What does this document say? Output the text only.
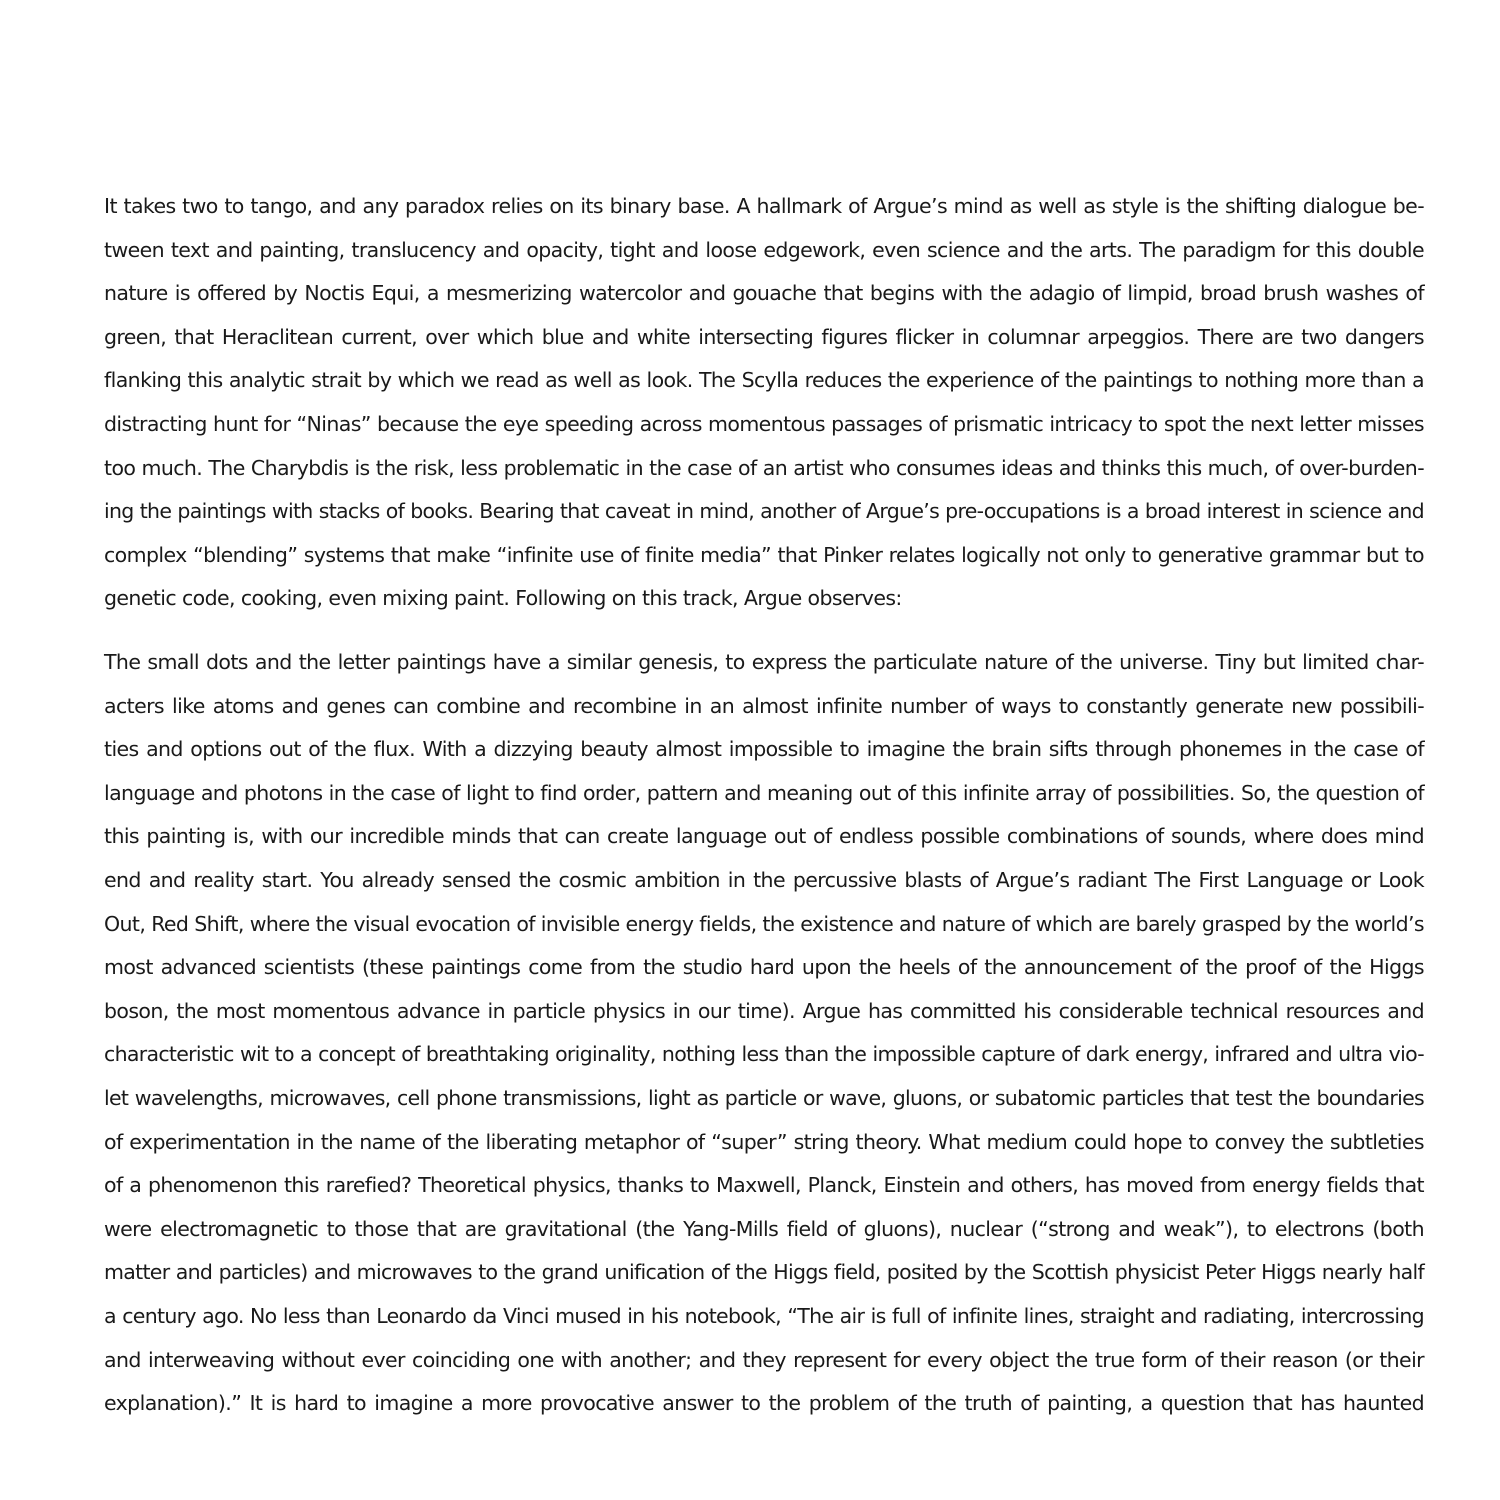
It takes two to tango, and any paradox relies on its binary base. A hallmark of Argue’s mind as well as style is the shifting dialogue be-
tween text and painting, translucency and opacity, tight and loose edgework, even science and the arts. The paradigm for this double
nature is offered by Noctis Equi, a mesmerizing watercolor and gouache that begins with the adagio of limpid, broad brush washes of
green, that Heraclitean current, over which blue and white intersecting figures flicker in columnar arpeggios. There are two dangers
flanking this analytic strait by which we read as well as look. The Scylla reduces the experience of the paintings to nothing more than a
distracting hunt for “Ninas” because the eye speeding across momentous passages of prismatic intricacy to spot the next letter misses
too much. The Charybdis is the risk, less problematic in the case of an artist who consumes ideas and thinks this much, of over-burden-
ing the paintings with stacks of books. Bearing that caveat in mind, another of Argue’s pre-occupations is a broad interest in science and
complex “blending” systems that make “infinite use of finite media” that Pinker relates logically not only to generative grammar but to
genetic code, cooking, even mixing paint. Following on this track, Argue observes:
The small dots and the letter paintings have a similar genesis, to express the particulate nature of the universe. Tiny but limited char-
acters like atoms and genes can combine and recombine in an almost infinite number of ways to constantly generate new possibili-
ties and options out of the flux. With a dizzying beauty almost impossible to imagine the brain sifts through phonemes in the case of
language and photons in the case of light to find order, pattern and meaning out of this infinite array of possibilities. So, the question of
this painting is, with our incredible minds that can create language out of endless possible combinations of sounds, where does mind
end and reality start. You already sensed the cosmic ambition in the percussive blasts of Argue’s radiant The First Language or Look
Out, Red Shift, where the visual evocation of invisible energy fields, the existence and nature of which are barely grasped by the world’s
most advanced scientists (these paintings come from the studio hard upon the heels of the announcement of the proof of the Higgs
boson, the most momentous advance in particle physics in our time). Argue has committed his considerable technical resources and
characteristic wit to a concept of breathtaking originality, nothing less than the impossible capture of dark energy, infrared and ultra vio-
let wavelengths, microwaves, cell phone transmissions, light as particle or wave, gluons, or subatomic particles that test the boundaries
of experimentation in the name of the liberating metaphor of “super” string theory. What medium could hope to convey the subtleties
of a phenomenon this rarefied? Theoretical physics, thanks to Maxwell, Planck, Einstein and others, has moved from energy fields that
were electromagnetic to those that are gravitational (the Yang-Mills field of gluons), nuclear (“strong and weak”), to electrons (both
matter and particles) and microwaves to the grand unification of the Higgs field, posited by the Scottish physicist Peter Higgs nearly half
a century ago. No less than Leonardo da Vinci mused in his notebook, “The air is full of infinite lines, straight and radiating, intercrossing
and interweaving without ever coinciding one with another; and they represent for every object the true form of their reason (or their
explanation).” It is hard to imagine a more provocative answer to the problem of the truth of painting, a question that has haunted
